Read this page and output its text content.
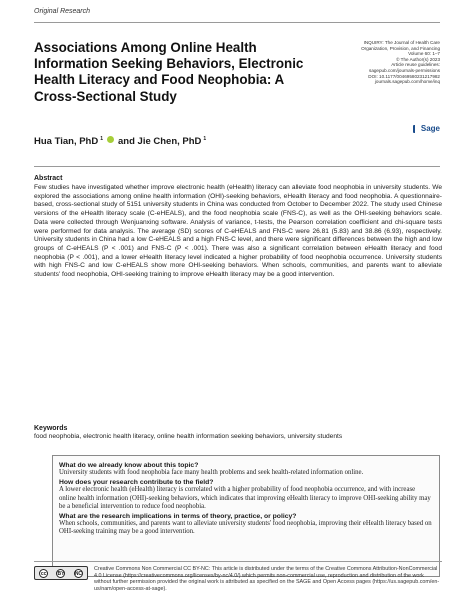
Original Research
Associations Among Online Health Information Seeking Behaviors, Electronic Health Literacy and Food Neophobia: A Cross-Sectional Study
INQUIRY: The Journal of Health Care
Organization, Provision, and Financing
Volume 60: 1–7
© The Author(s) 2023
Article reuse guidelines:
sagepub.com/journals-permissions
DOI: 10.1177/00469580231217982
journals.sagepub.com/home/inq
Sage
Hua Tian, PhD 1 and Jie Chen, PhD 1
Abstract
Few studies have investigated whether improve electronic health (eHealth) literacy can alleviate food neophobia in university students. We explored the associations among online health information (OHI)-seeking behaviors, eHealth literacy and food neophobia. A questionnaire-based, cross-sectional study of 5151 university students in China was conducted from October to December 2022. The study used Chinese versions of the eHealth literacy scale (C-eHEALS), and the food neophobia scale (FNS-C), as well as the OHI-seeking behaviors scale. Data were collected through Wenjuanxing software. Analysis of variance, t-tests, the Pearson correlation coefficient and chi-square tests were performed for data analysis. The average (SD) scores of C-eHEALS and FNS-C were 26.81 (5.83) and 38.86 (6.93), respectively. University students in China had a low C-eHEALS and a high FNS-C level, and there were significant differences between the high and low groups of C-eHEALS (P < .001) and FNS-C (P < .001). There was also a significant correlation between eHealth literacy and food neophobia (P < .001), and a lower eHealth literacy level indicated a higher probability of food neophobia occurrence. University students with high FNS-C and low C-eHEALS show more OHI-seeking behaviors. When schools, communities, and parents want to alleviate students' food neophobia, OHI-seeking training to improve eHealth literacy may be a good intervention.
Keywords
food neophobia, electronic health literacy, online health information seeking behaviors, university students
What do we already know about this topic?
University students with food neophobia face many health problems and seek health-related information online.
How does your research contribute to the field?
A lower electronic health (eHealth) literacy is correlated with a higher probability of food neophobia occurrence, and with increase online health information (OHI)-seeking behaviors, which indicates that improving eHealth literacy to improve OHI-seeking ability may be a beneficial intervention to reduce food neophobia.
What are the research implications in terms of theory, practice, or policy?
When schools, communities, and parents want to alleviate university students' food neophobia, improving their eHealth literacy based on OHI-seeking training may be a good intervention.
cc	BY NC
Creative Commons Non Commercial CC BY-NC: This article is distributed under the terms of the Creative Commons Attribution-NonCommercial 4.0 License (https://creativecommons.org/licenses/by-nc/4.0/) which permits non-commercial use, reproduction and distribution of the work without further permission provided the original work is attributed as specified on the SAGE and Open Access pages (https://us.sagepub.com/en-us/nam/open-access-at-sage).
